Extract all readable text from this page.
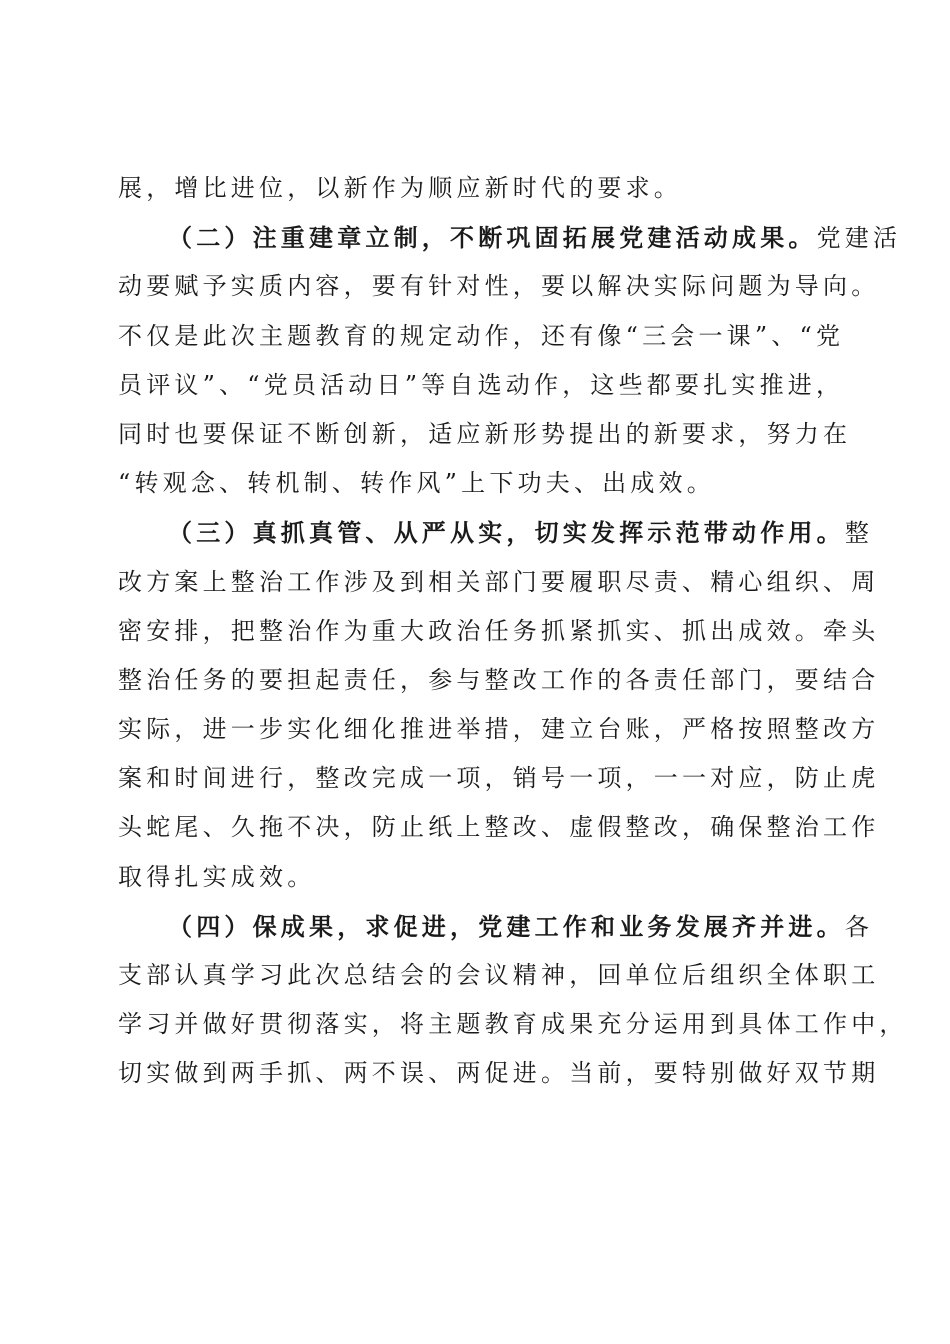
展，增比进位，以新作为顺应新时代的要求。
（二）注重建章立制，不断巩固拓展党建活动成果。党建活
动要赋予实质内容，要有针对性，要以解决实际问题为导向。
不仅是此次主题教育的规定动作，还有像“三会一课”、“党
员评议”、“党员活动日”等自选动作，这些都要扎实推进，
同时也要保证不断创新，适应新形势提出的新要求，努力在
“转观念、转机制、转作风”上下功夫、出成效。
（三）真抓真管、从严从实，切实发挥示范带动作用。整
改方案上整治工作涉及到相关部门要履职尽责、精心组织、周
密安排，把整治作为重大政治任务抓紧抓实、抓出成效。牵头
整治任务的要担起责任，参与整改工作的各责任部门，要结合
实际，进一步实化细化推进举措，建立台账，严格按照整改方
案和时间进行，整改完成一项，销号一项，一一对应，防止虎
头蛇尾、久拖不决，防止纸上整改、虚假整改，确保整治工作
取得扎实成效。
（四）保成果，求促进，党建工作和业务发展齐并进。各
支部认真学习此次总结会的会议精神，回单位后组织全体职工
学习并做好贯彻落实，将主题教育成果充分运用到具体工作中，
切实做到两手抓、两不误、两促进。当前，要特别做好双节期
